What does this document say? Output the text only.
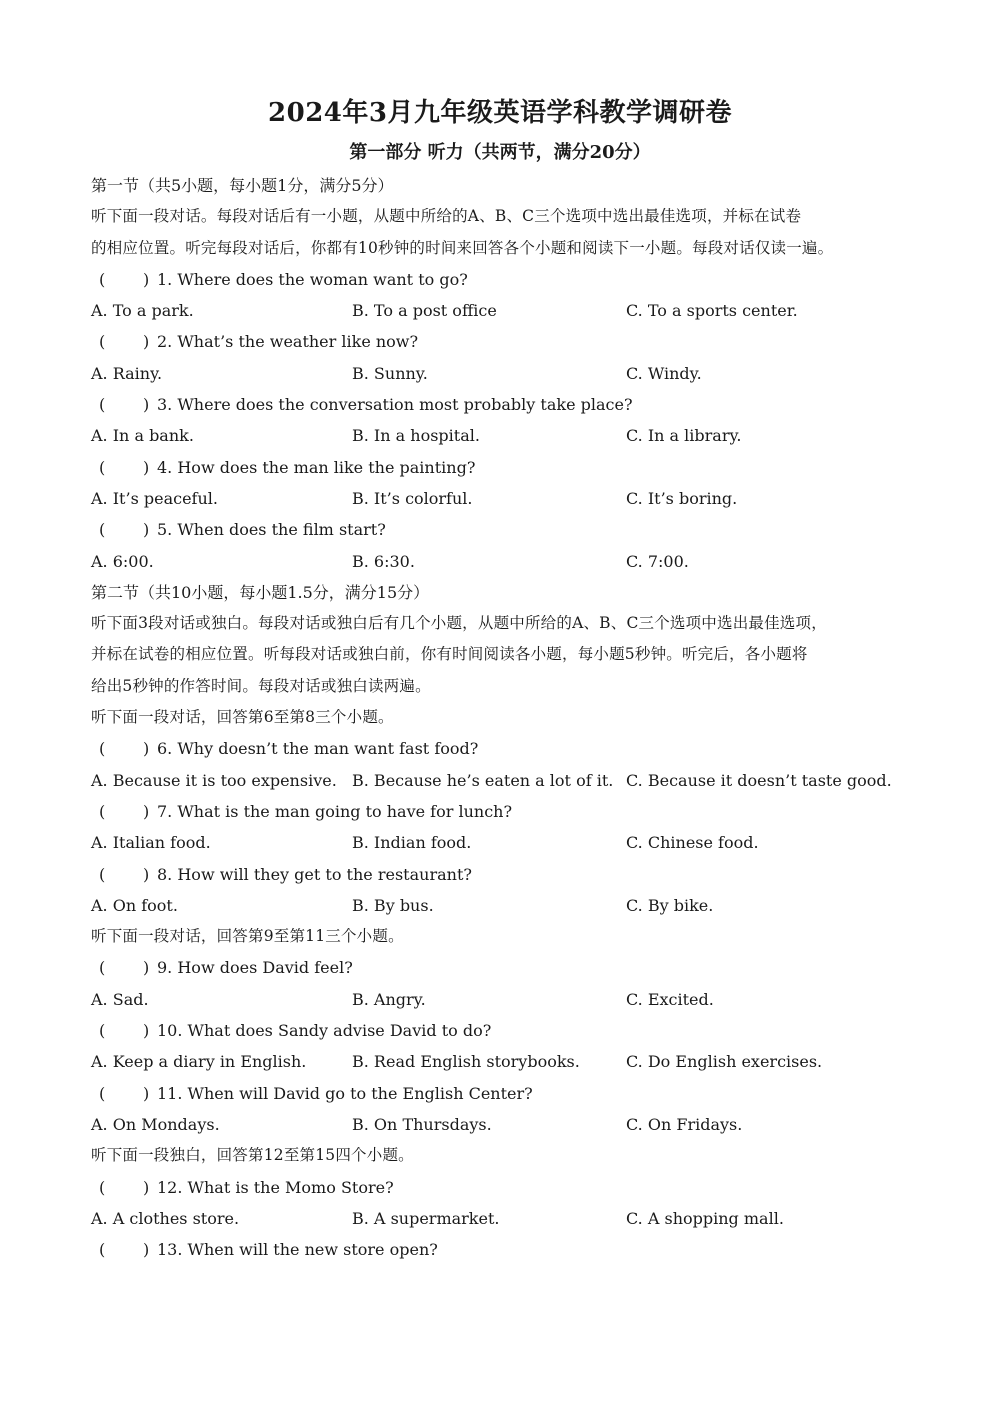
2024年3月九年级英语学科教学调研卷
第一部分 听力（共两节，满分20分）
第一节（共5小题，每小题1分，满分5分）
听下面一段对话。每段对话后有一小题，从题中所给的A、B、C三个选项中选出最佳选项，并标在试卷
的相应位置。听完每段对话后，你都有10秒钟的时间来回答各个小题和阅读下一小题。每段对话仅读一遍。
( ) 1. Where does the woman want to go?
A. To a park.	B. To a post office	C. To a sports center.
( ) 2. What’s the weather like now?
A. Rainy.	B. Sunny.	C. Windy.
( ) 3. Where does the conversation most probably take place?
A. In a bank.	B. In a hospital.	C. In a library.
( ) 4. How does the man like the painting?
A. It’s peaceful.	B. It’s colorful.	C. It’s boring.
( ) 5. When does the film start?
A. 6:00.	B. 6:30.	C. 7:00.
第二节（共10小题，每小题1.5分，满分15分）
听下面3段对话或独白。每段对话或独白后有几个小题，从题中所给的A、B、C三个选项中选出最佳选项，
并标在试卷的相应位置。听每段对话或独白前，你有时间阅读各小题，每小题5秒钟。听完后，各小题将
给出5秒钟的作答时间。每段对话或独白读两遍。
听下面一段对话，回答第6至第8三个小题。
( ) 6. Why doesn’t the man want fast food?
A. Because it is too expensive. B. Because he’s eaten a lot of it. C. Because it doesn’t taste good.
( ) 7. What is the man going to have for lunch?
A. Italian food.	B. Indian food.	C. Chinese food.
( ) 8. How will they get to the restaurant?
A. On foot.	B. By bus.	C. By bike.
听下面一段对话，回答第9至第11三个小题。
( ) 9. How does David feel?
A. Sad.	B. Angry.	C. Excited.
( ) 10. What does Sandy advise David to do?
A. Keep a diary in English.	B. Read English storybooks.	C. Do English exercises.
( ) 11. When will David go to the English Center?
A. On Mondays.	B. On Thursdays.	C. On Fridays.
听下面一段独白，回答第12至第15四个小题。
( ) 12. What is the Momo Store?
A. A clothes store.	B. A supermarket.	C. A shopping mall.
( ) 13. When will the new store open?
